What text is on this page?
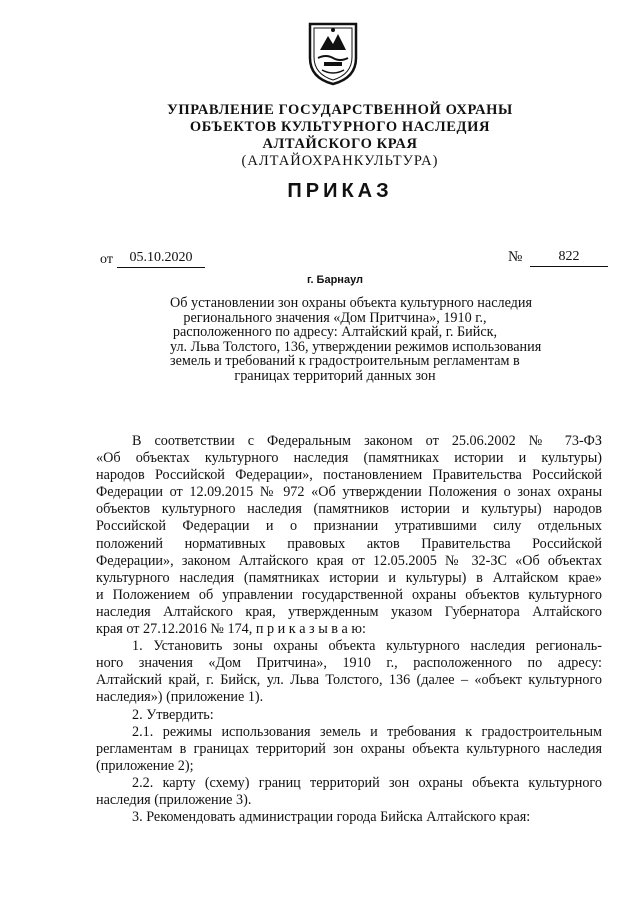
УПРАВЛЕНИЕ ГОСУДАРСТВЕННОЙ ОХРАНЫ
ОБЪЕКТОВ КУЛЬТУРНОГО НАСЛЕДИЯ
АЛТАЙСКОГО КРАЯ
(АЛТАЙОХРАНКУЛЬТУРА)
ПРИКАЗ
от	05.10.2020	№	822
г. Барнаул
Об установлении зон охраны объекта культурного наследия
регионального значения «Дом Притчина», 1910 г.,
расположенного по адресу: Алтайский край, г. Бийск,
ул. Льва Толстого, 136, утверждении режимов использования
земель и требований к градостроительным регламентам в
границах территорий данных зон
В соответствии с Федеральным законом от 25.06.2002 № 73-ФЗ
«Об объектах культурного наследия (памятниках истории и культуры)
народов Российской Федерации», постановлением Правительства Российской
Федерации от 12.09.2015 № 972 «Об утверждении Положения о зонах охраны
объектов культурного наследия (памятников истории и культуры) народов
Российской Федерации и о признании утратившими силу отдельных
положений нормативных правовых актов Правительства Российской
Федерации», законом Алтайского края от 12.05.2005 № 32-ЗС «Об объектах
культурного наследия (памятниках истории и культуры) в Алтайском крае»
и Положением об управлении государственной охраны объектов культурного
наследия Алтайского края, утвержденным указом Губернатора Алтайского
края от 27.12.2016 № 174, п р и к а з ы в а ю:
1. Установить зоны охраны объекта культурного наследия региональ-
ного значения «Дом Притчина», 1910 г., расположенного по адресу:
Алтайский край, г. Бийск, ул. Льва Толстого, 136 (далее – «объект культурного
наследия») (приложение 1).
2. Утвердить:
2.1. режимы использования земель и требования к градостроительным
регламентам в границах территорий зон охраны объекта культурного наследия
(приложение 2);
2.2. карту (схему) границ территорий зон охраны объекта культурного
наследия (приложение 3).
3. Рекомендовать администрации города Бийска Алтайского края:
